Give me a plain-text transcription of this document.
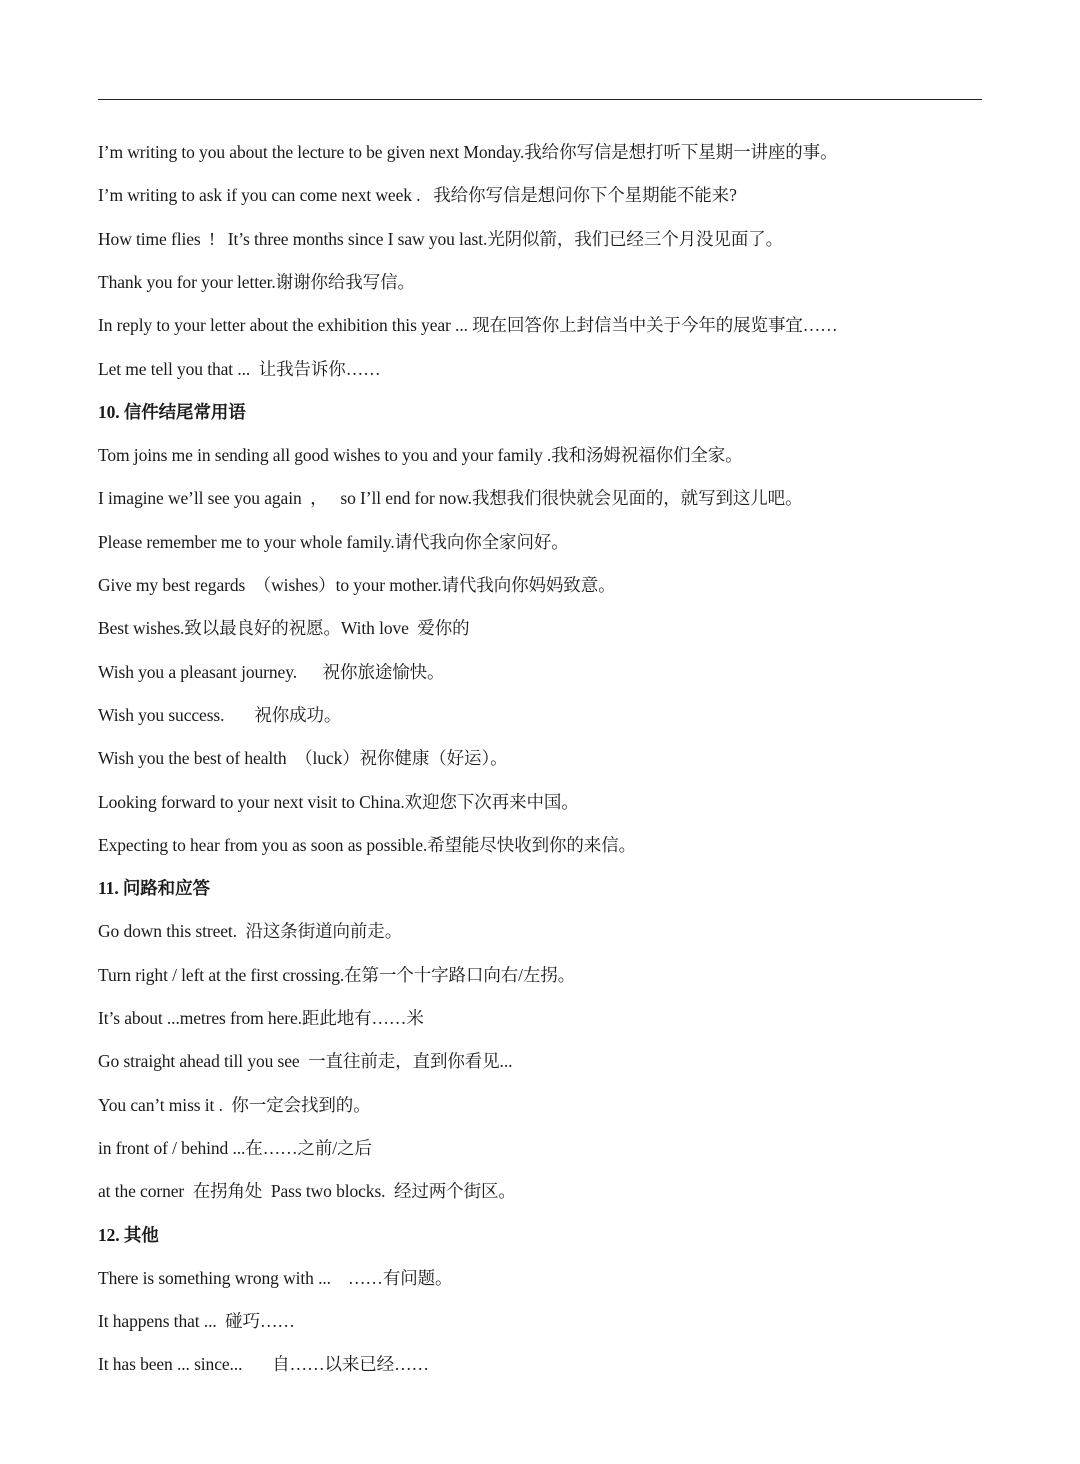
I’m writing to you about the lecture to be given next Monday.我给你写信是想打听下星期一讲座的事。
I’m writing to ask if you can come next week .   我给你写信是想问你下个星期能不能来?
How time flies  !   It’s three months since I saw you last.光阴似箭，我们已经三个月没见面了。
Thank you for your letter.谢谢你给我写信。
In reply to your letter about the exhibition this year ... 现在回答你上封信当中关于今年的展览事宜……
Let me tell you that ...  让我告诉你……
10. 信件结尾常用语
Tom joins me in sending all good wishes to you and your family .我和汤姆祝福你们全家。
I imagine we’ll see you again  ，   so I’ll end for now.我想我们很快就会见面的，就写到这儿吧。
Please remember me to your whole family.请代我向你全家问好。
Give my best regards  （wishes）to your mother.请代我向你妈妈致意。
Best wishes.致以最良好的祝愿。With love  爱你的
Wish you a pleasant journey.      祝你旅途愉快。
Wish you success.       祝你成功。
Wish you the best of health  （luck）祝你健康（好运）。
Looking forward to your next visit to China.欢迎您下次再来中国。
Expecting to hear from you as soon as possible.希望能尽快收到你的来信。
11. 问路和应答
Go down this street.  沿这条街道向前走。
Turn right / left at the first crossing.在第一个十字路口向右/左拐。
It’s about ...metres from here.距此地有……米
Go straight ahead till you see  一直往前走，直到你看见...
You can’t miss it .  你一定会找到的。
in front of / behind ...在……之前/之后
at the corner  在拐角处  Pass two blocks.  经过两个街区。
12. 其他
There is something wrong with ...    ……有问题。
It happens that ...  碰巧……
It has been ... since...       自……以来已经……
